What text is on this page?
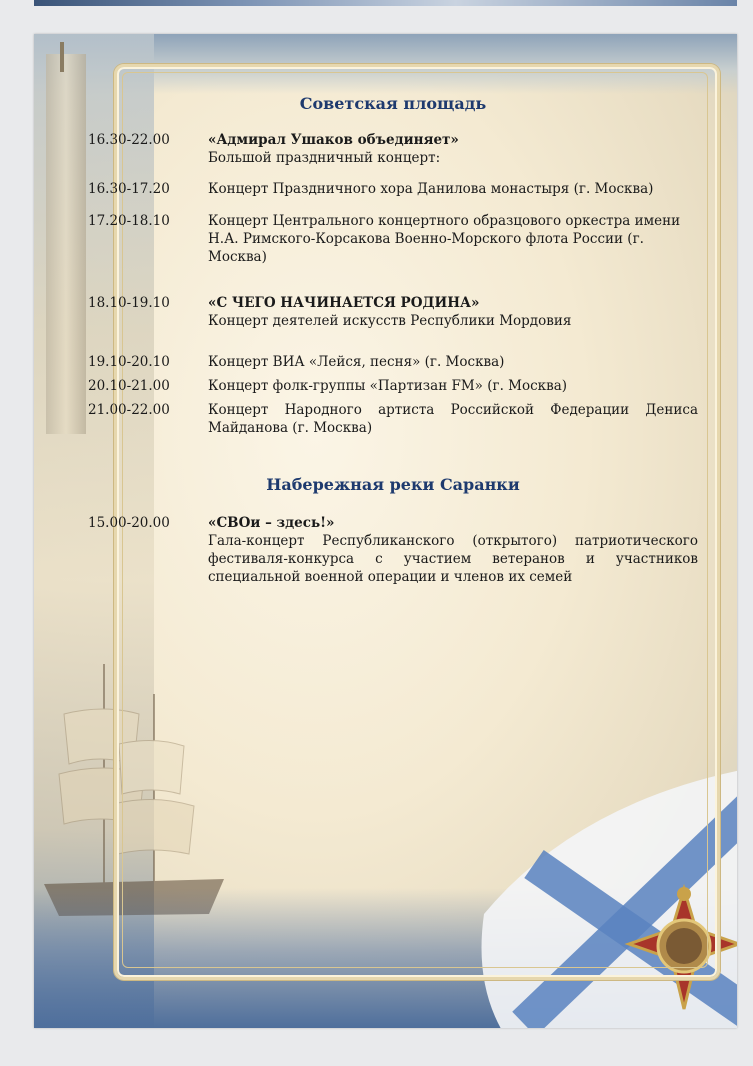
Советская площадь
16.30-22.00	«Адмирал Ушаков объединяет»
Большой праздничный концерт:
16.30-17.20	Концерт Праздничного хора Данилова монастыря (г. Москва)
17.20-18.10	Концерт Центрального концертного образцового оркестра имени Н.А. Римского-Корсакова Военно-Морского флота России (г. Москва)
18.10-19.10	«С ЧЕГО НАЧИНАЕТСЯ РОДИНА»
Концерт деятелей искусств Республики Мордовия
19.10-20.10	Концерт ВИА «Лейся, песня» (г. Москва)
20.10-21.00	Концерт фолк-группы «Партизан FM» (г. Москва)
21.00-22.00	Концерт Народного артиста Российской Федерации Дениса Майданова (г. Москва)
Набережная реки Саранки
15.00-20.00	«СВОи – здесь!»
Гала-концерт Республиканского (открытого) патриотического фестиваля-конкурса с участием ветеранов и участников специальной военной операции и членов их семей
